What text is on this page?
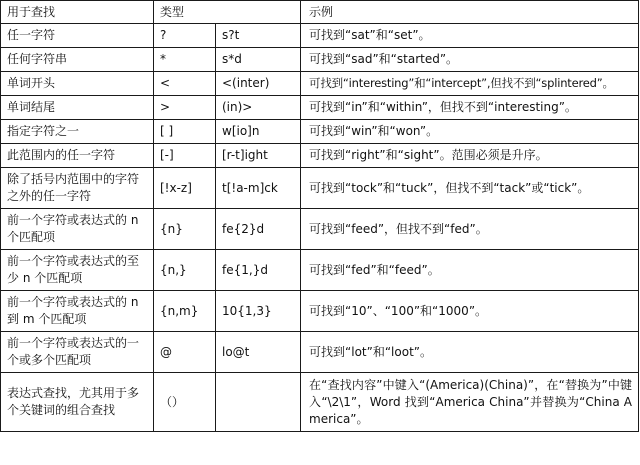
用于查找	类型		示例
任一字符	?	s?t	可找到“sat”和“set”。
任何字符串	*	s*d	可找到“sad”和“started”。
单词开头	<	<(inter)	可找到“interesting”和“intercept”,但找不到“splintered”。
单词结尾	>	(in)>	可找到“in”和“within”，但找不到“interesting”。
指定字符之一	[ ]	w[io]n	可找到“win”和“won”。
此范围内的任一字符	[-]	[r-t]ight	可找到“right”和“sight”。范围必须是升序。
除了括号内范围中的字符之外的任一字符	[!x-z]	t[!a-m]ck	可找到“tock”和“tuck”，但找不到“tack”或“tick”。
前一个字符或表达式的 n 个匹配项	{n}	fe{2}d	可找到“feed”，但找不到“fed”。
前一个字符或表达式的至少 n 个匹配项	{n,}	fe{1,}d	可找到“fed”和“feed”。
前一个字符或表达式的 n 到 m 个匹配项	{n,m}	10{1,3}	可找到“10”、“100”和“1000”。
前一个字符或表达式的一个或多个匹配项	@	lo@t	可找到“lot”和“loot”。
表达式查找，尤其用于多个关键词的组合查找	（）		在“查找内容”中键入“(America)(China)”，在“替换为”中键入“\2\1”，Word 找到“America China”并替换为“China America”。
